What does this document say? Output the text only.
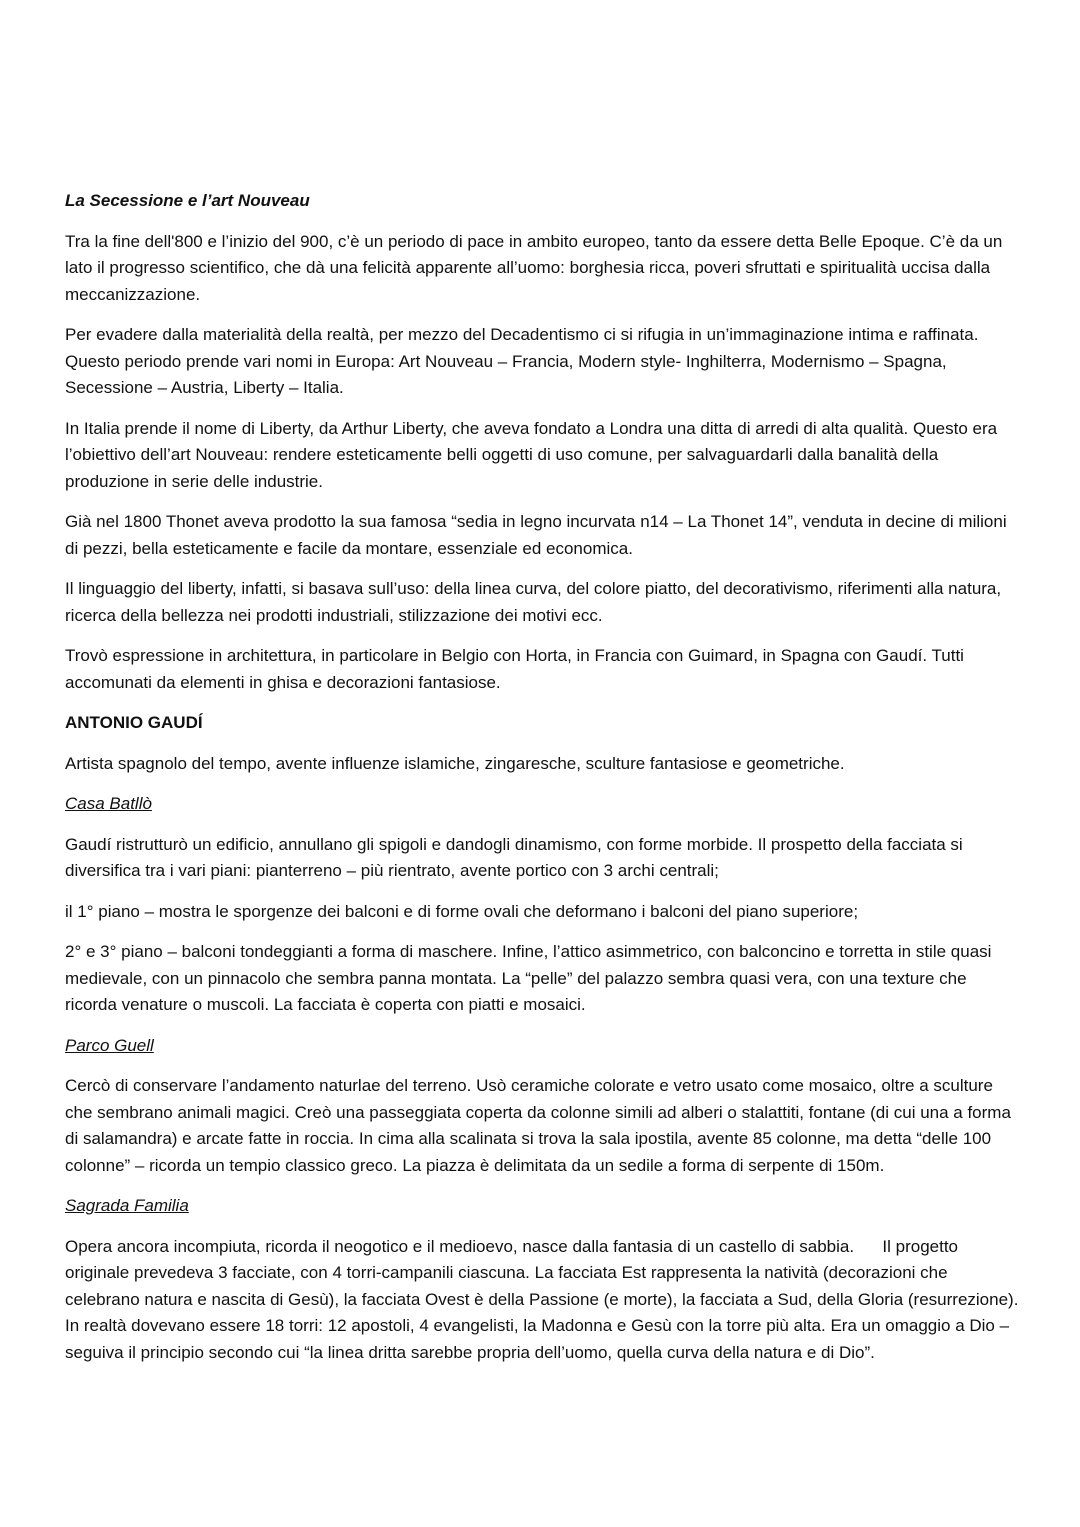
La Secessione e l’art Nouveau

Tra la fine dell'800 e l’inizio del 900, c’è un periodo di pace in ambito europeo, tanto da essere detta Belle Epoque. C’è da un lato il progresso scientifico, che dà una felicità apparente all’uomo: borghesia ricca, poveri sfruttati e spiritualità uccisa dalla meccanizzazione.

Per evadere dalla materialità della realtà, per mezzo del Decadentismo ci si rifugia in un’immaginazione intima e raffinata. Questo periodo prende vari nomi in Europa: Art Nouveau – Francia, Modern style- Inghilterra, Modernismo – Spagna, Secessione – Austria, Liberty – Italia.

In Italia prende il nome di Liberty, da Arthur Liberty, che aveva fondato a Londra una ditta di arredi di alta qualità. Questo era l’obiettivo dell’art Nouveau: rendere esteticamente belli oggetti di uso comune, per salvaguardarli dalla banalità della produzione in serie delle industrie.

Già nel 1800 Thonet aveva prodotto la sua famosa “sedia in legno incurvata n14 – La Thonet 14”, venduta in decine di milioni di pezzi, bella esteticamente e facile da montare, essenziale ed economica.

Il linguaggio del liberty, infatti, si basava sull’uso: della linea curva, del colore piatto, del decorativismo, riferimenti alla natura, ricerca della bellezza nei prodotti industriali, stilizzazione dei motivi ecc.

Trovò espressione in architettura, in particolare in Belgio con Horta, in Francia con Guimard, in Spagna con Gaudí. Tutti accomunati da elementi in ghisa e decorazioni fantasiose.

ANTONIO GAUDÍ

Artista spagnolo del tempo, avente influenze islamiche, zingaresche, sculture fantasiose e geometriche.

Casa Batllò

Gaudí ristrutturò un edificio, annullano gli spigoli e dandogli dinamismo, con forme morbide. Il prospetto della facciata si diversifica tra i vari piani: pianterreno – più rientrato, avente portico con 3 archi centrali;

il 1° piano – mostra le sporgenze dei balconi e di forme ovali che deformano i balconi del piano superiore;

2° e 3° piano – balconi tondeggianti a forma di maschere. Infine, l’attico asimmetrico, con balconcino e torretta in stile quasi medievale, con un pinnacolo che sembra panna montata. La “pelle” del palazzo sembra quasi vera, con una texture che ricorda venature o muscoli. La facciata è coperta con piatti e mosaici.

Parco Guell

Cercò di conservare l’andamento naturlae del terreno. Usò ceramiche colorate e vetro usato come mosaico, oltre a sculture che sembrano animali magici. Creò una passeggiata coperta da colonne simili ad alberi o stalattiti, fontane (di cui una a forma di salamandra) e arcate fatte in roccia. In cima alla scalinata si trova la sala ipostila, avente 85 colonne, ma detta “delle 100 colonne” – ricorda un tempio classico greco. La piazza è delimitata da un sedile a forma di serpente di 150m.

Sagrada Familia

Opera ancora incompiuta, ricorda il neogotico e il medioevo, nasce dalla fantasia di un castello di sabbia.      Il progetto originale prevedeva 3 facciate, con 4 torri-campanili ciascuna. La facciata Est rappresenta la natività (decorazioni che celebrano natura e nascita di Gesù), la facciata Ovest è della Passione (e morte), la facciata a Sud, della Gloria (resurrezione). In realtà dovevano essere 18 torri: 12 apostoli, 4 evangelisti, la Madonna e Gesù con la torre più alta. Era un omaggio a Dio – seguiva il principio secondo cui “la linea dritta sarebbe propria dell’uomo, quella curva della natura e di Dio”.
